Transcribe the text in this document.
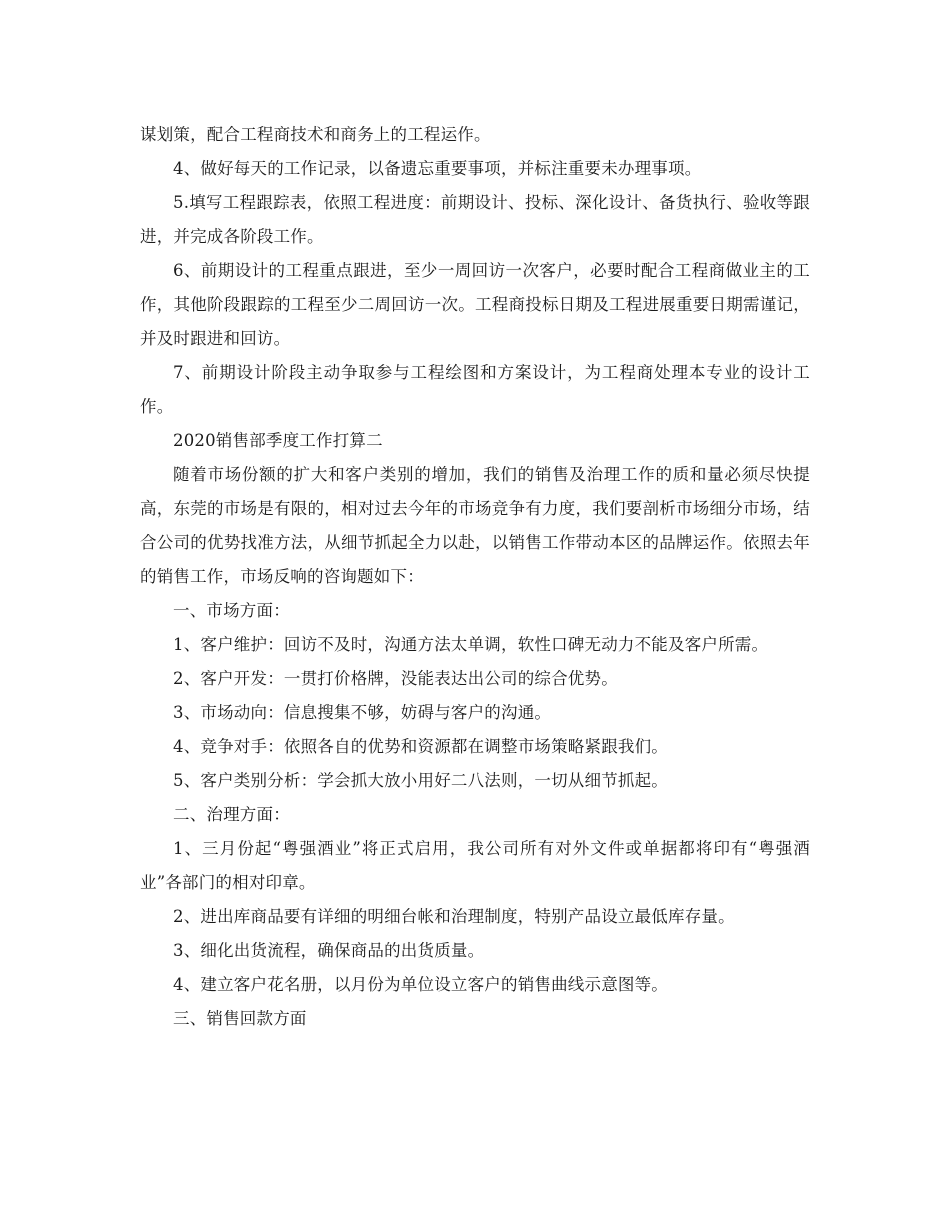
谋划策，配合工程商技术和商务上的工程运作。

4、做好每天的工作记录，以备遗忘重要事项，并标注重要未办理事项。

5.填写工程跟踪表，依照工程进度：前期设计、投标、深化设计、备货执行、验收等跟进，并完成各阶段工作。

6、前期设计的工程重点跟进，至少一周回访一次客户，必要时配合工程商做业主的工作，其他阶段跟踪的工程至少二周回访一次。工程商投标日期及工程进展重要日期需谨记，并及时跟进和回访。

7、前期设计阶段主动争取参与工程绘图和方案设计，为工程商处理本专业的设计工作。

2020销售部季度工作打算二

随着市场份额的扩大和客户类别的增加，我们的销售及治理工作的质和量必须尽快提高，东莞的市场是有限的，相对过去今年的市场竞争有力度，我们要剖析市场细分市场，结合公司的优势找准方法，从细节抓起全力以赴，以销售工作带动本区的品牌运作。依照去年的销售工作，市场反响的咨询题如下：

一、市场方面：

1、客户维护：回访不及时，沟通方法太单调，软性口碑无动力不能及客户所需。

2、客户开发：一贯打价格牌，没能表达出公司的综合优势。

3、市场动向：信息搜集不够，妨碍与客户的沟通。

4、竞争对手：依照各自的优势和资源都在调整市场策略紧跟我们。

5、客户类别分析：学会抓大放小用好二八法则，一切从细节抓起。

二、治理方面：

1、三月份起“粤强酒业”将正式启用，我公司所有对外文件或单据都将印有“粤强酒业”各部门的相对印章。

2、进出库商品要有详细的明细台帐和治理制度，特别产品设立最低库存量。

3、细化出货流程，确保商品的出货质量。

4、建立客户花名册，以月份为单位设立客户的销售曲线示意图等。

三、销售回款方面
